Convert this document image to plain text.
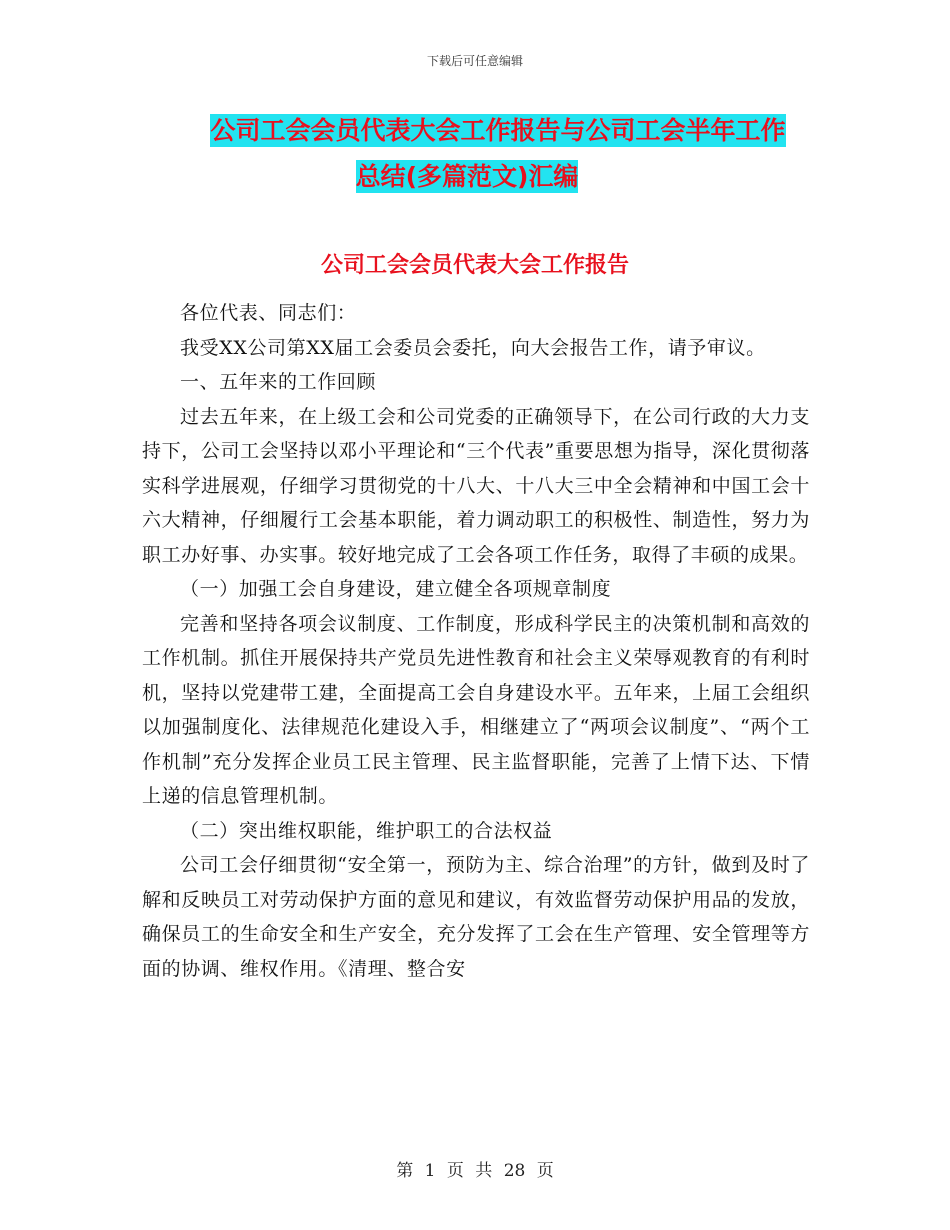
下载后可任意编辑
公司工会会员代表大会工作报告与公司工会半年工作
总结(多篇范文)汇编
公司工会会员代表大会工作报告

各位代表、同志们：

我受XX公司第XX届工会委员会委托，向大会报告工作，请予审议。

一、五年来的工作回顾

过去五年来，在上级工会和公司党委的正确领导下，在公司行政的大力支持下，公司工会坚持以邓小平理论和“三个代表”重要思想为指导，深化贯彻落实科学进展观，仔细学习贯彻党的十八大、十八大三中全会精神和中国工会十六大精神，仔细履行工会基本职能，着力调动职工的积极性、制造性，努力为职工办好事、办实事。较好地完成了工会各项工作任务，取得了丰硕的成果。

（一）加强工会自身建设，建立健全各项规章制度

完善和坚持各项会议制度、工作制度，形成科学民主的决策机制和高效的工作机制。抓住开展保持共产党员先进性教育和社会主义荣辱观教育的有利时机，坚持以党建带工建，全面提高工会自身建设水平。五年来，上届工会组织以加强制度化、法律规范化建设入手，相继建立了“两项会议制度”、“两个工作机制”充分发挥企业员工民主管理、民主监督职能，完善了上情下达、下情上递的信息管理机制。

（二）突出维权职能，维护职工的合法权益

公司工会仔细贯彻“安全第一，预防为主、综合治理”的方针，做到及时了解和反映员工对劳动保护方面的意见和建议，有效监督劳动保护用品的发放，确保员工的生命安全和生产安全，充分发挥了工会在生产管理、安全管理等方面的协调、维权作用。《清理、整合安

第 1 页 共 28 页
